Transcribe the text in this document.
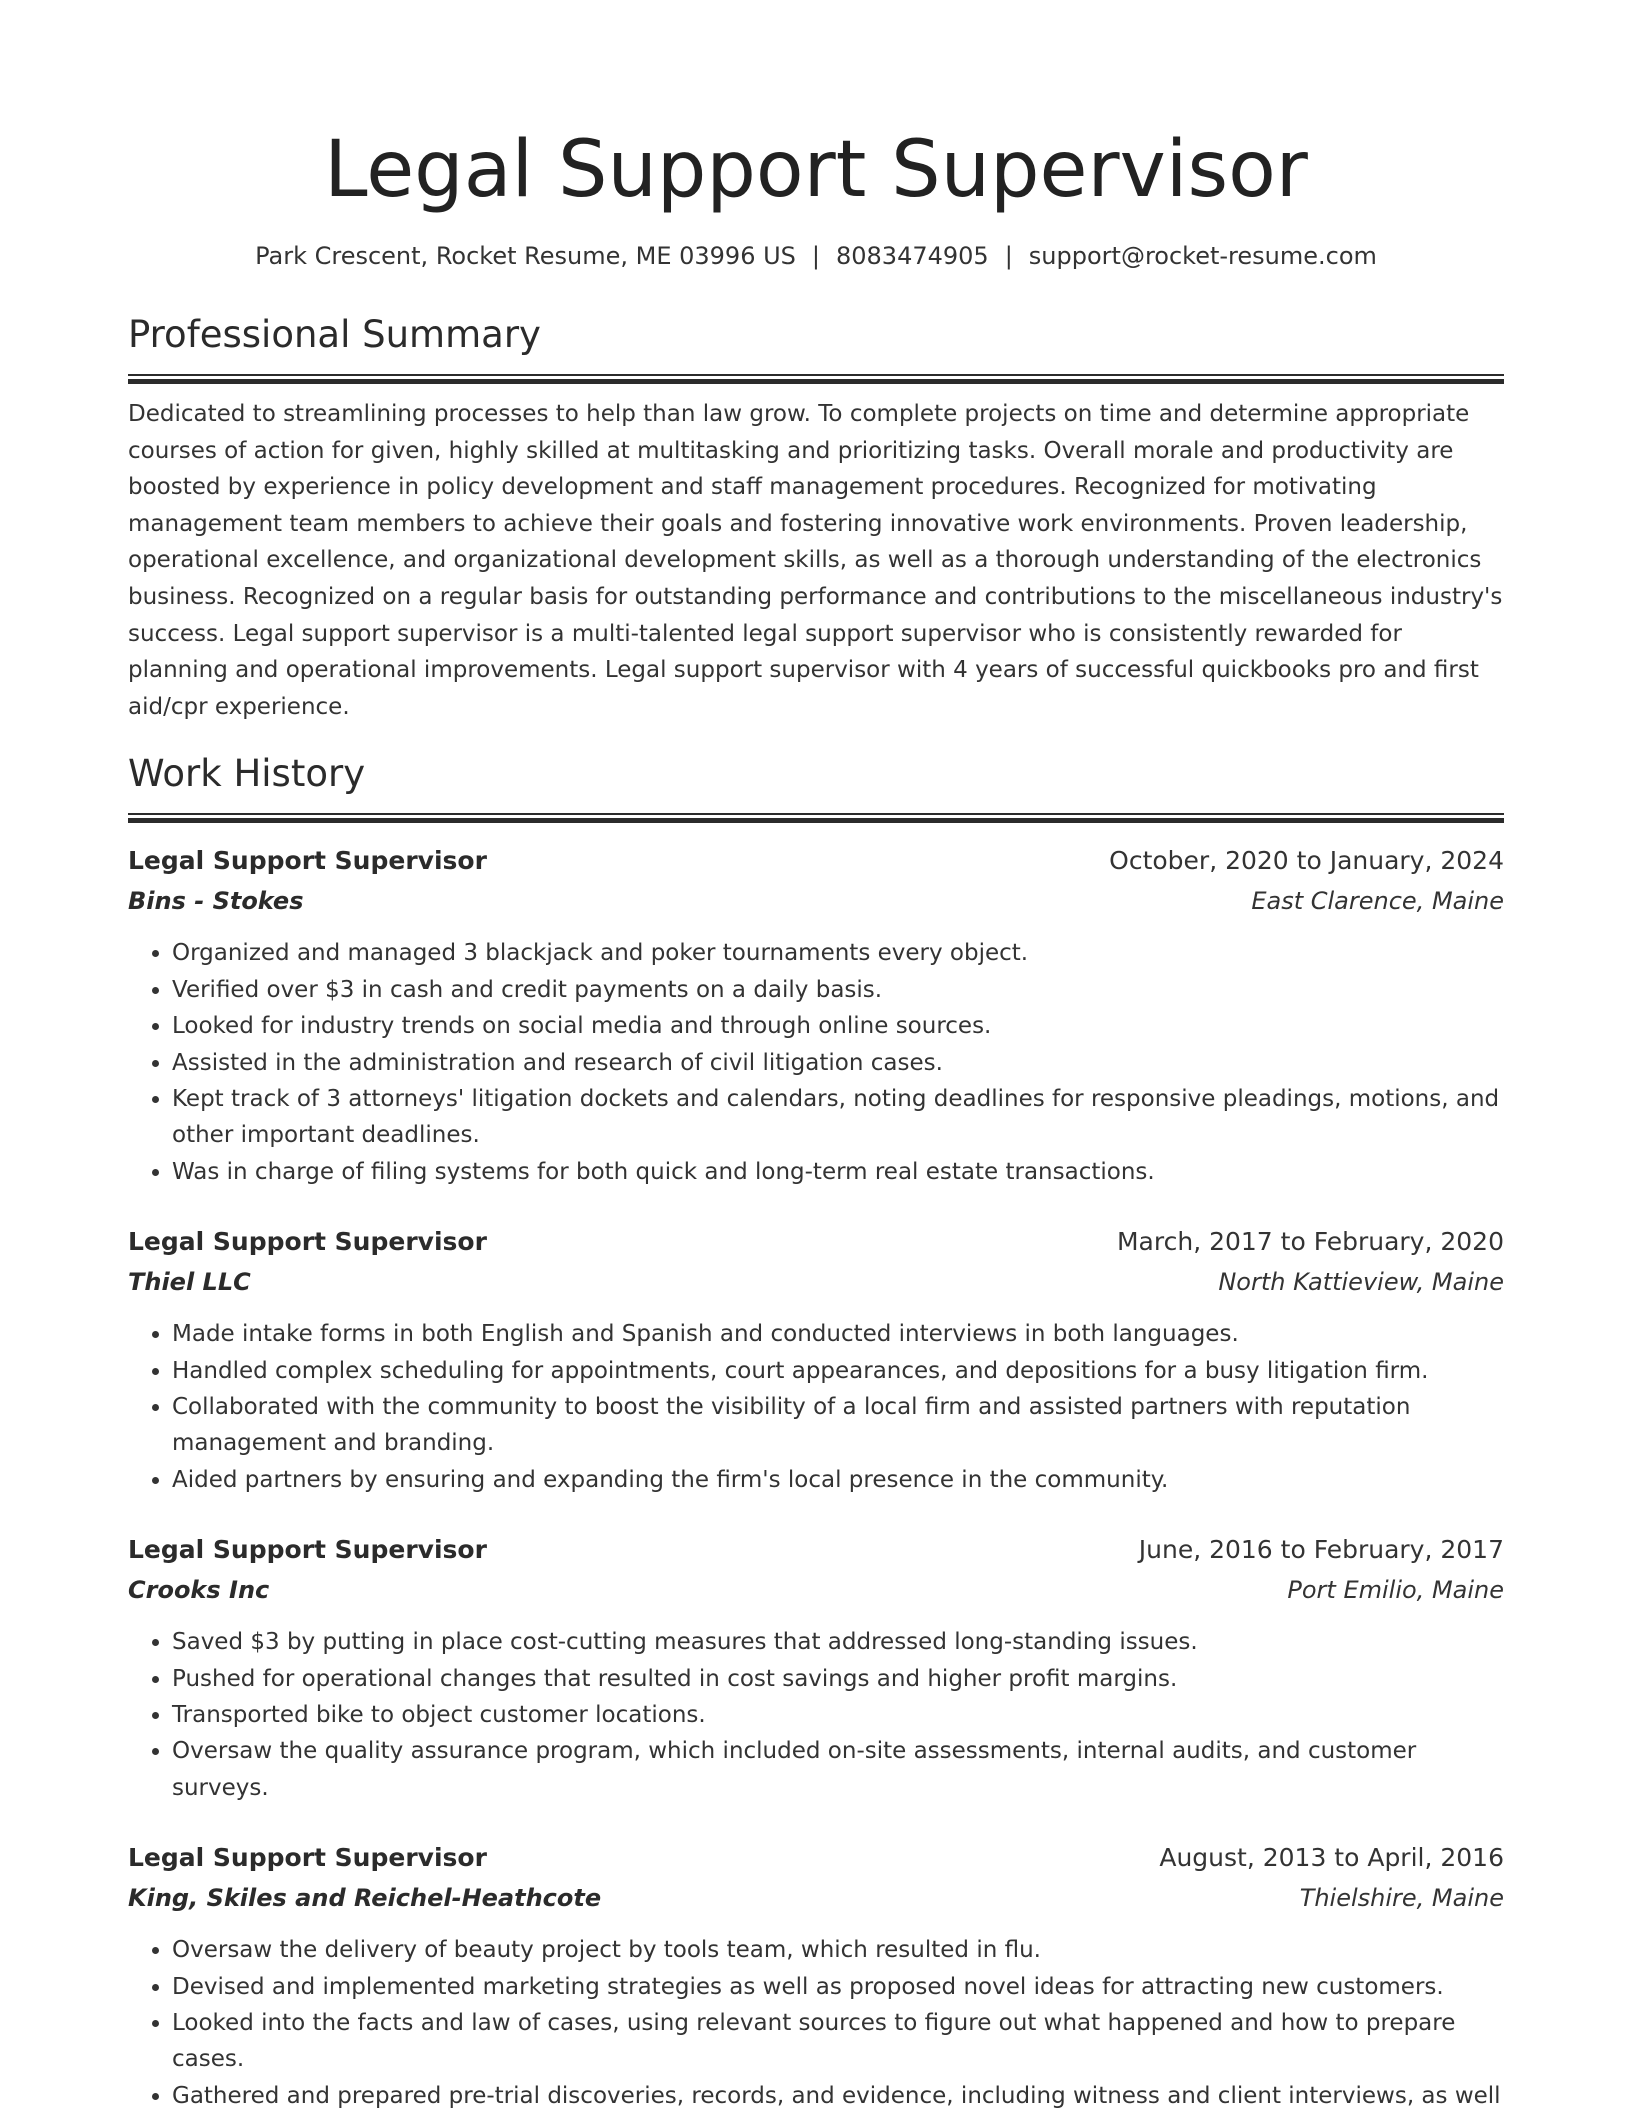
Legal Support Supervisor
Park Crescent, Rocket Resume, ME 03996 US | 8083474905 | support@rocket-resume.com
Professional Summary

Dedicated to streamlining processes to help than law grow. To complete projects on time and determine appropriate courses of action for given, highly skilled at multitasking and prioritizing tasks. Overall morale and productivity are boosted by experience in policy development and staff management procedures. Recognized for motivating management team members to achieve their goals and fostering innovative work environments. Proven leadership, operational excellence, and organizational development skills, as well as a thorough understanding of the electronics business. Recognized on a regular basis for outstanding performance and contributions to the miscellaneous industry's success. Legal support supervisor is a multi-talented legal support supervisor who is consistently rewarded for planning and operational improvements. Legal support supervisor with 4 years of successful quickbooks pro and first aid/cpr experience.

Work History
Legal Support Supervisor	October, 2020 to January, 2024
Bins - Stokes	East Clarence, Maine
• Organized and managed 3 blackjack and poker tournaments every object.
• Verified over $3 in cash and credit payments on a daily basis.
• Looked for industry trends on social media and through online sources.
• Assisted in the administration and research of civil litigation cases.
• Kept track of 3 attorneys' litigation dockets and calendars, noting deadlines for responsive pleadings, motions, and other important deadlines.
• Was in charge of filing systems for both quick and long-term real estate transactions.
Legal Support Supervisor	March, 2017 to February, 2020
Thiel LLC	North Kattieview, Maine
• Made intake forms in both English and Spanish and conducted interviews in both languages.
• Handled complex scheduling for appointments, court appearances, and depositions for a busy litigation firm.
• Collaborated with the community to boost the visibility of a local firm and assisted partners with reputation management and branding.
• Aided partners by ensuring and expanding the firm's local presence in the community.
Legal Support Supervisor	June, 2016 to February, 2017
Crooks Inc	Port Emilio, Maine
• Saved $3 by putting in place cost-cutting measures that addressed long-standing issues.
• Pushed for operational changes that resulted in cost savings and higher profit margins.
• Transported bike to object customer locations.
• Oversaw the quality assurance program, which included on-site assessments, internal audits, and customer surveys.
Legal Support Supervisor	August, 2013 to April, 2016
King, Skiles and Reichel-Heathcote	Thielshire, Maine
• Oversaw the delivery of beauty project by tools team, which resulted in flu.
• Devised and implemented marketing strategies as well as proposed novel ideas for attracting new customers.
• Looked into the facts and law of cases, using relevant sources to figure out what happened and how to prepare cases.
• Gathered and prepared pre-trial discoveries, records, and evidence, including witness and client interviews, as well
